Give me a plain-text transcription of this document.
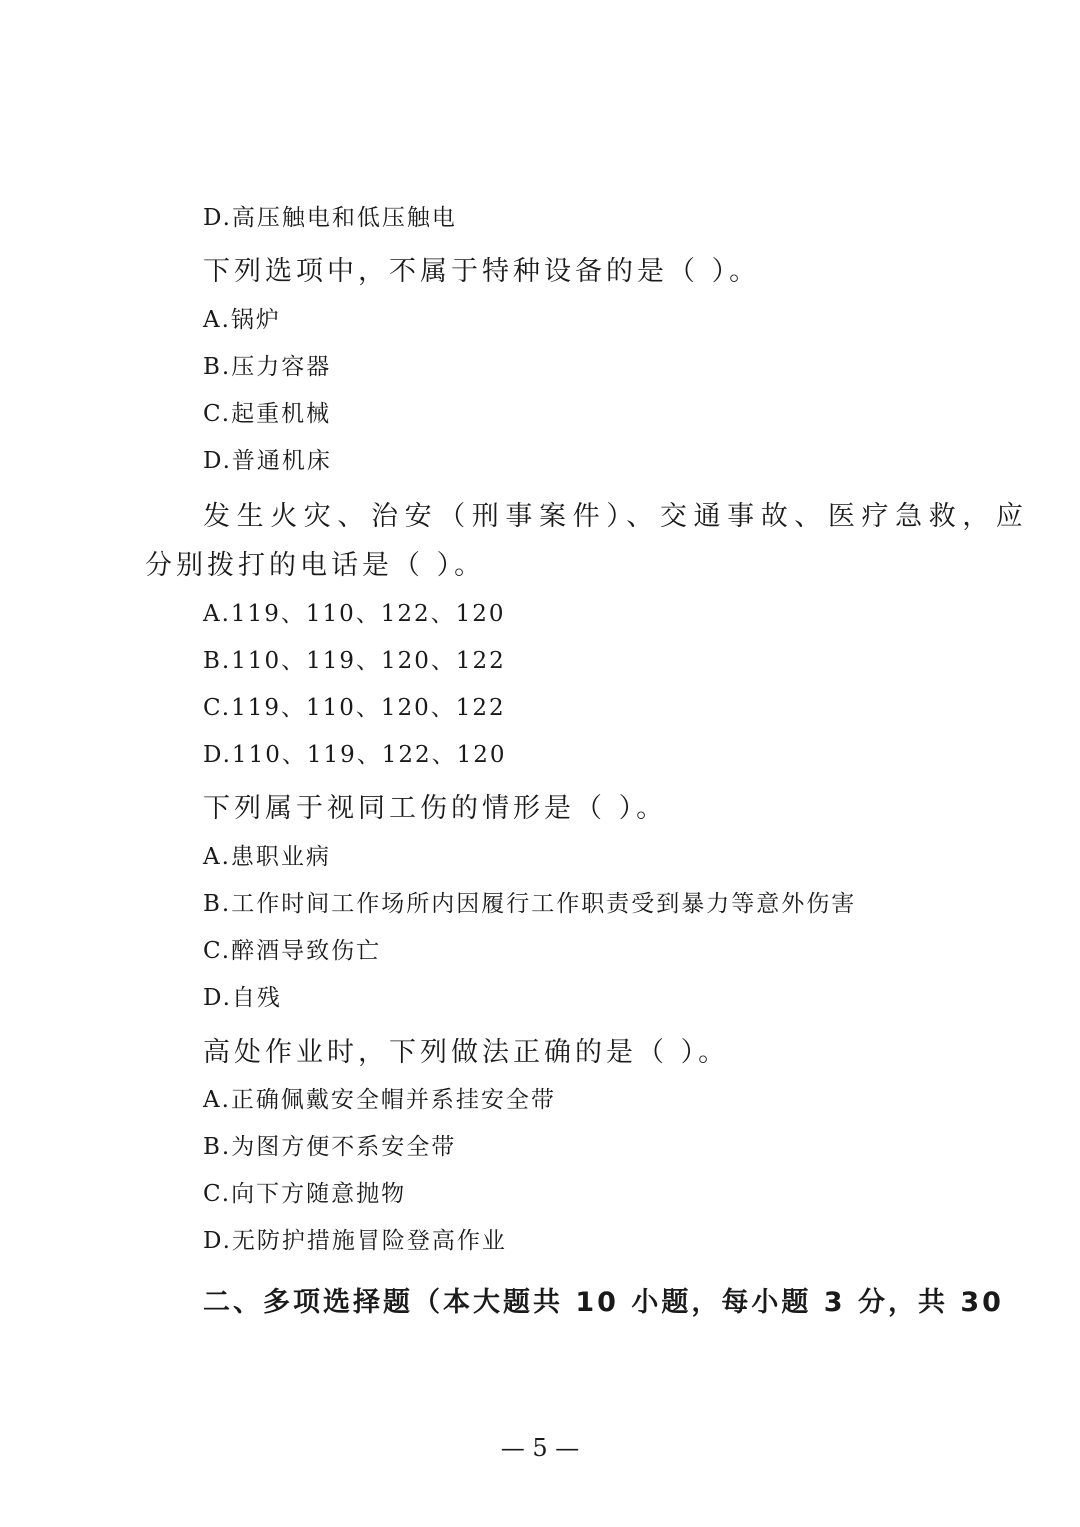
D.高压触电和低压触电
下列选项中，不属于特种设备的是（ ）。
A.锅炉
B.压力容器
C.起重机械
D.普通机床
发生火灾、治安（刑事案件）、交通事故、医疗急救，应
分别拨打的电话是（ ）。
A.119、110、122、120
B.110、119、120、122
C.119、110、120、122
D.110、119、122、120
下列属于视同工伤的情形是（ ）。
A.患职业病
B.工作时间工作场所内因履行工作职责受到暴力等意外伤害
C.醉酒导致伤亡
D.自残
高处作业时，下列做法正确的是（ ）。
A.正确佩戴安全帽并系挂安全带
B.为图方便不系安全带
C.向下方随意抛物
D.无防护措施冒险登高作业
二、多项选择题（本大题共 10 小题，每小题 3 分，共 30
— 5 —
